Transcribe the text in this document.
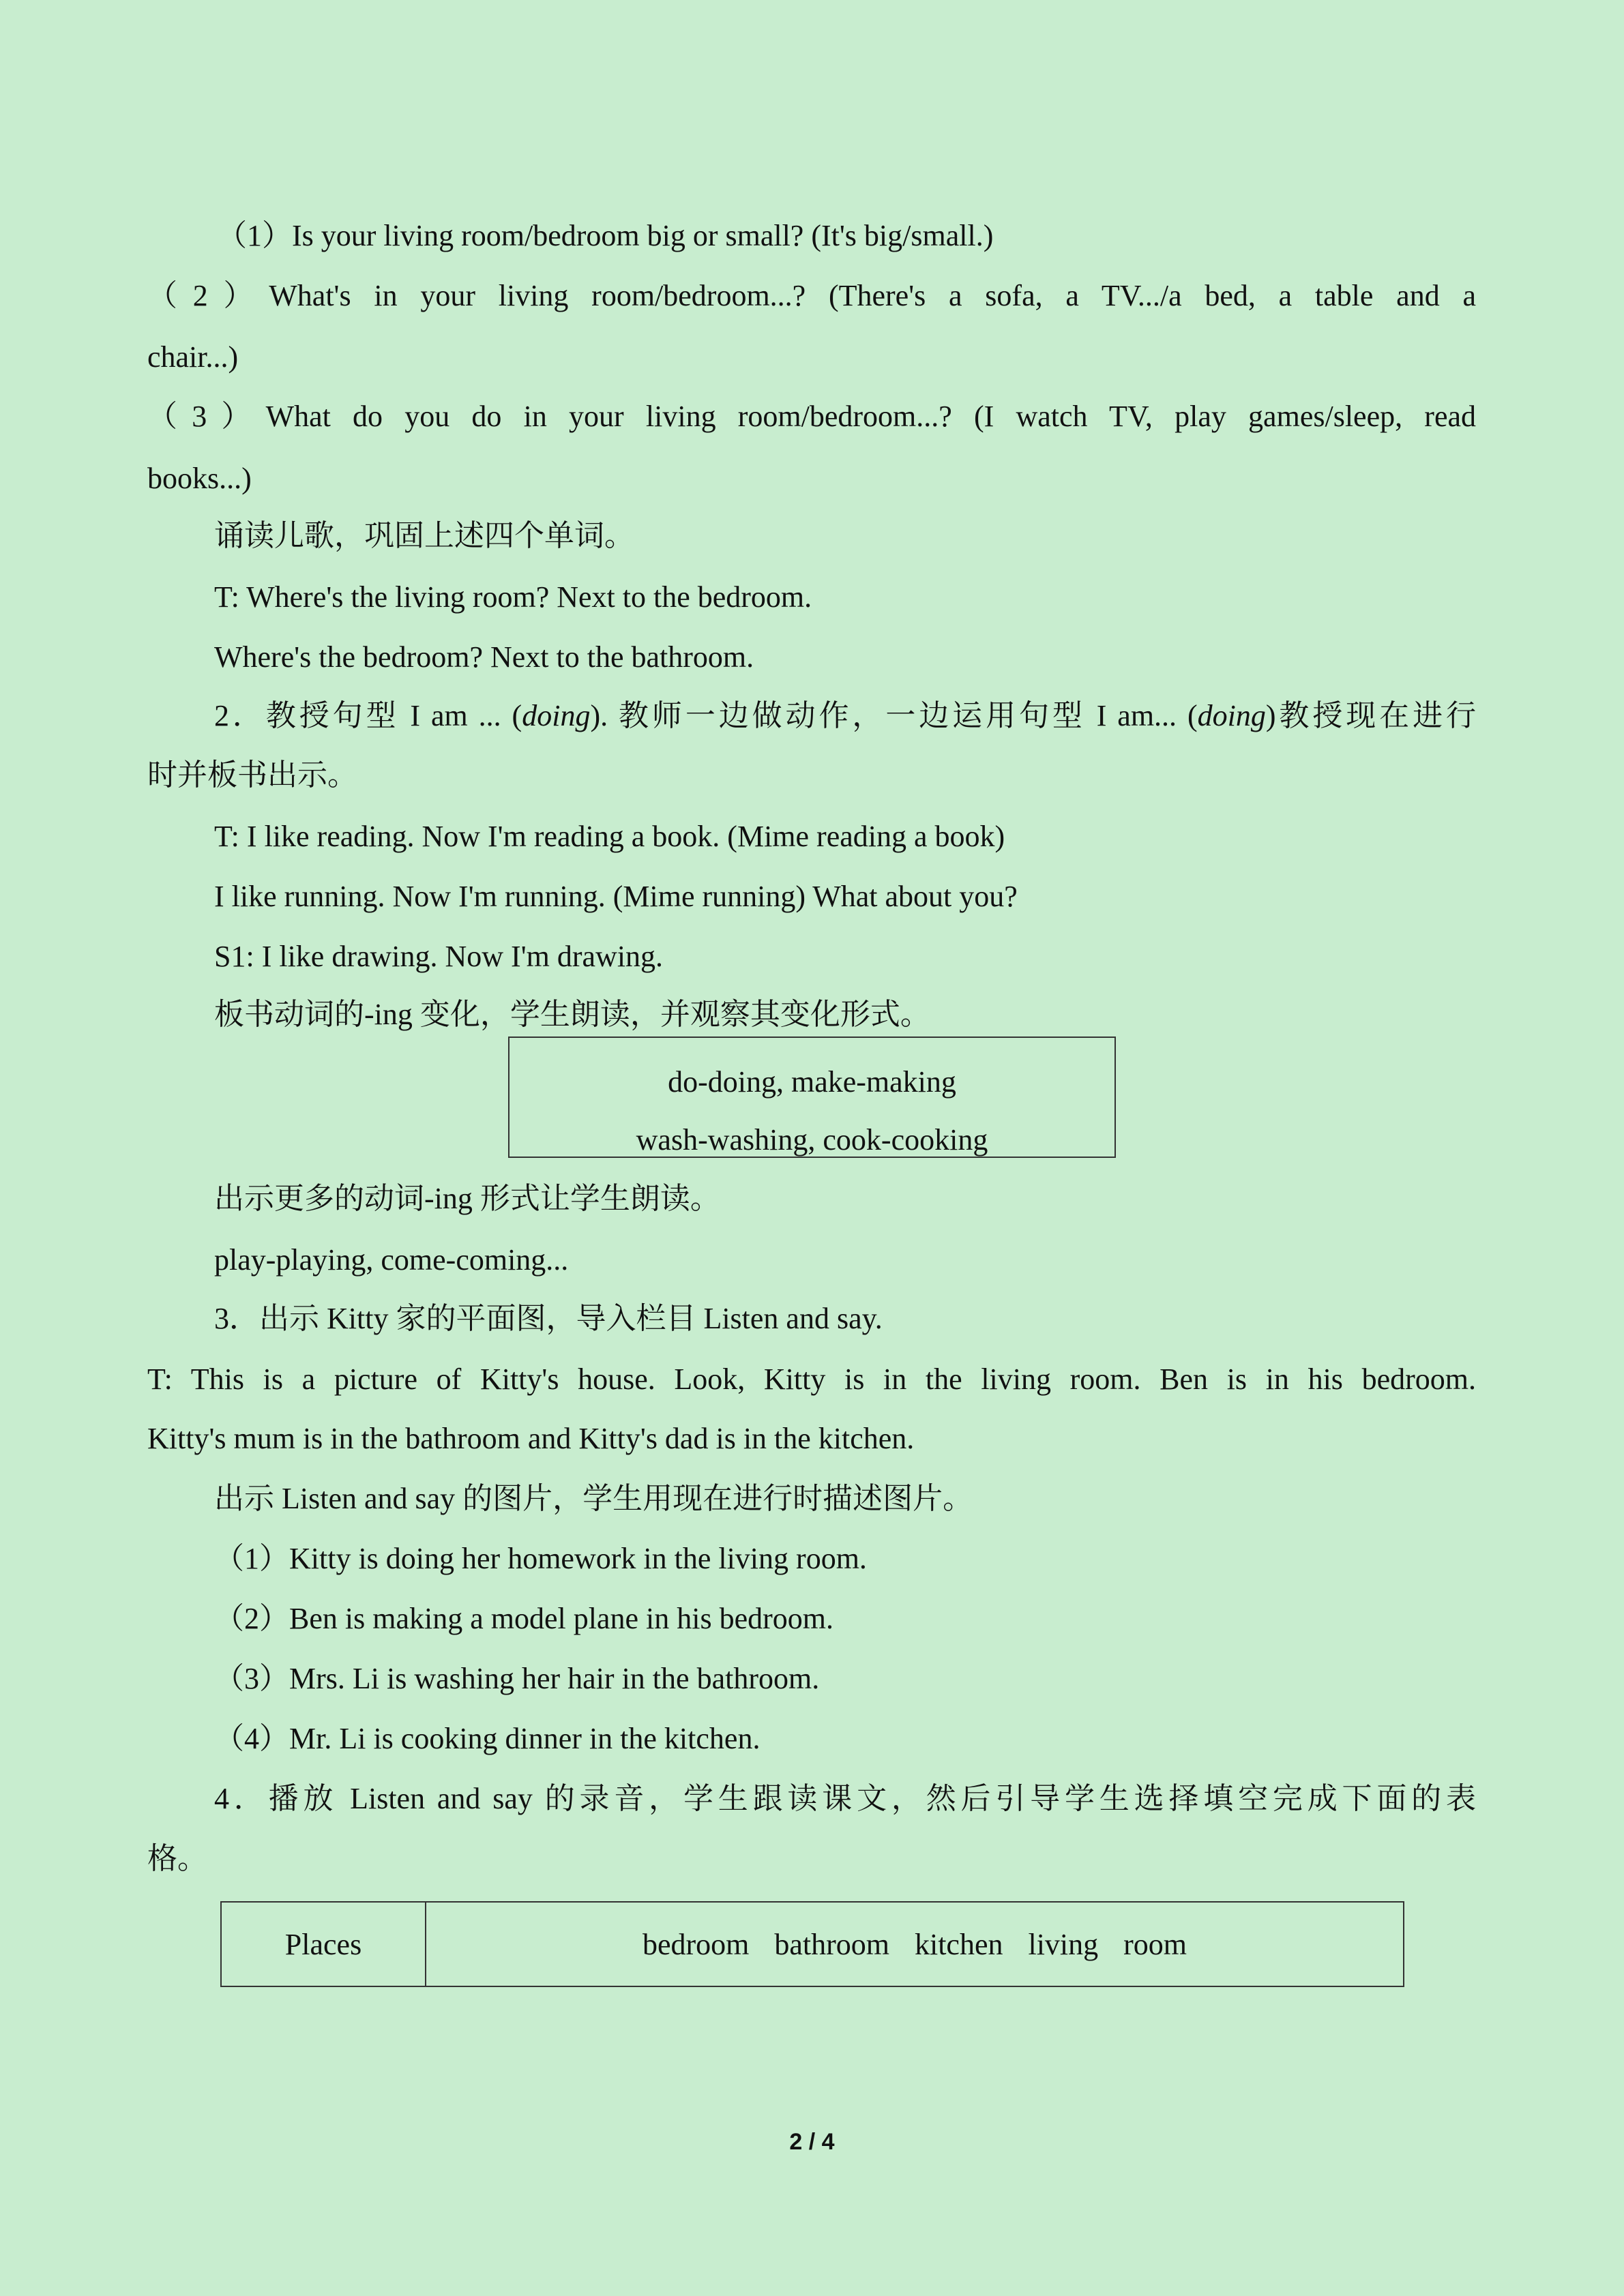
（1）Is your living room/bedroom big or small? (It's big/small.)

（2）What's in your living room/bedroom...? (There's a sofa, a TV.../a bed, a table and a

chair...)

（3）What do you do in your living room/bedroom...? (I watch TV, play games/sleep, read

books...)

诵读儿歌，巩固上述四个单词。

T: Where's the living room? Next to the bedroom.

Where's the bedroom? Next to the bathroom.

2．教授句型 I am ... (doing). 教师一边做动作，一边运用句型 I am... (doing)教授现在进行

时并板书出示。

T: I like reading. Now I'm reading a book. (Mime reading a book)

I like running. Now I'm running. (Mime running) What about you?

S1: I like drawing. Now I'm drawing.

板书动词的-ing 变化，学生朗读，并观察其变化形式。

do-doing, make-making

wash-washing, cook-cooking

出示更多的动词-ing 形式让学生朗读。

play-playing, come-coming...

3．出示 Kitty 家的平面图，导入栏目 Listen and say.

T: This is a picture of Kitty's house. Look, Kitty is in the living room. Ben is in his bedroom.

Kitty's mum is in the bathroom and Kitty's dad is in the kitchen.

出示 Listen and say 的图片，学生用现在进行时描述图片。

（1）Kitty is doing her homework in the living room.

（2）Ben is making a model plane in his bedroom.

（3）Mrs. Li is washing her hair in the bathroom.

（4）Mr. Li is cooking dinner in the kitchen.

4．播放 Listen and say 的录音，学生跟读课文，然后引导学生选择填空完成下面的表

格。

Places	bedroom bathroom kitchen living room
2 / 4
